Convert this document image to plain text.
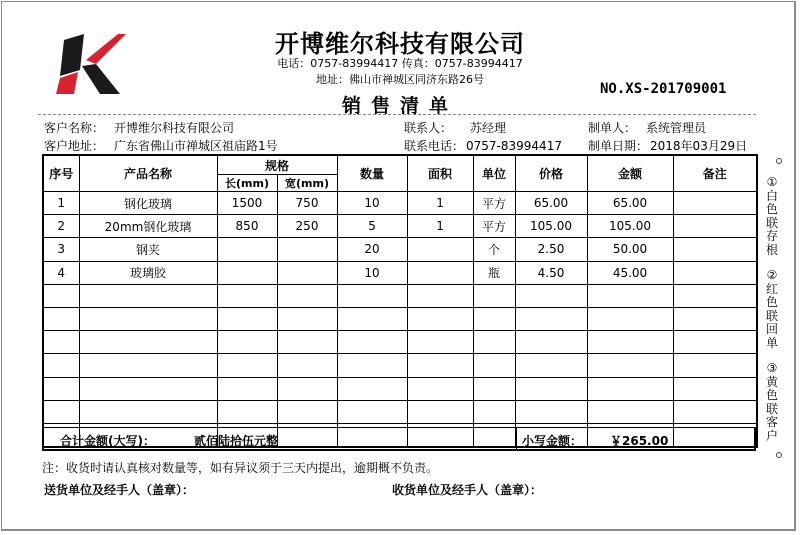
开博维尔科技有限公司
电话：0757-83994417 传真：0757-83994417
地址：佛山市禅城区同济东路26号
销售清单
NO.XS-201709001
客户名称： 开博维尔科技有限公司
客户地址： 广东省佛山市禅城区祖庙路1号
联系人： 苏经理
联系电话： 0757-83994417
制单人： 系统管理员
制单日期： 2018年03月29日
序号	产品名称	规格		数量	面积	单位	价格	金额	备注
		长(mm)	宽(mm)						
1	钢化玻璃	1500	750	10	1	平方	65.00	65.00	
2	20mm钢化玻璃	850	250	5	1	平方	105.00	105.00	
3	钢夹			20		个	2.50	50.00	
4	玻璃胶			10		瓶	4.50	45.00	

合计金额(大写)：	贰佰陆拾伍元整	小写金额： ￥265.00
注：收货时请认真核对数量等，如有异议须于三天内提出，逾期概不负责。
送货单位及经手人（盖章）：	收货单位及经手人（盖章）：
①白色联存根
②红色联回单
③黄色联客户
